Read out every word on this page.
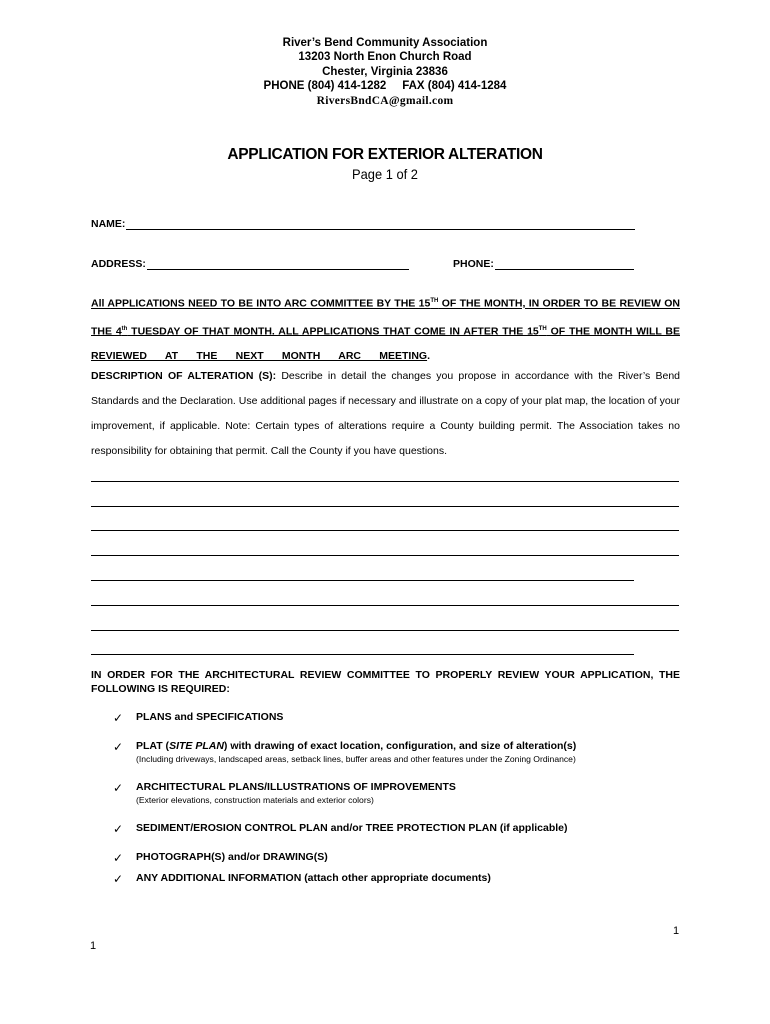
River’s Bend Community Association
13203 North Enon Church Road
Chester, Virginia 23836
PHONE (804) 414-1282     FAX (804) 414-1284
RiversBndCA@gmail.com
APPLICATION FOR EXTERIOR ALTERATION
Page 1 of 2
NAME:
ADDRESS:	PHONE:
All APPLICATIONS NEED TO BE INTO ARC COMMITTEE BY THE 15TH OF THE MONTH, IN ORDER TO BE REVIEW ON THE 4th TUESDAY OF THAT MONTH. ALL APPLICATIONS THAT COME IN AFTER THE 15TH OF THE MONTH WILL BE REVIEWED AT THE NEXT MONTH ARC MEETING.
DESCRIPTION OF ALTERATION (S): Describe in detail the changes you propose in accordance with the River’s Bend Standards and the Declaration. Use additional pages if necessary and illustrate on a copy of your plat map, the location of your improvement, if applicable. Note: Certain types of alterations require a County building permit. The Association takes no responsibility for obtaining that permit. Call the County if you have questions.
IN ORDER FOR THE ARCHITECTURAL REVIEW COMMITTEE TO PROPERLY REVIEW YOUR APPLICATION, THE FOLLOWING IS REQUIRED:
✓ PLANS and SPECIFICATIONS
✓ PLAT (SITE PLAN) with drawing of exact location, configuration, and size of alteration(s)
(Including driveways, landscaped areas, setback lines, buffer areas and other features under the Zoning Ordinance)
✓ ARCHITECTURAL PLANS/ILLUSTRATIONS OF IMPROVEMENTS
(Exterior elevations, construction materials and exterior colors)
✓ SEDIMENT/EROSION CONTROL PLAN and/or TREE PROTECTION PLAN (if applicable)
✓ PHOTOGRAPH(S) and/or DRAWING(S)
✓ ANY ADDITIONAL INFORMATION (attach other appropriate documents)
1
1
